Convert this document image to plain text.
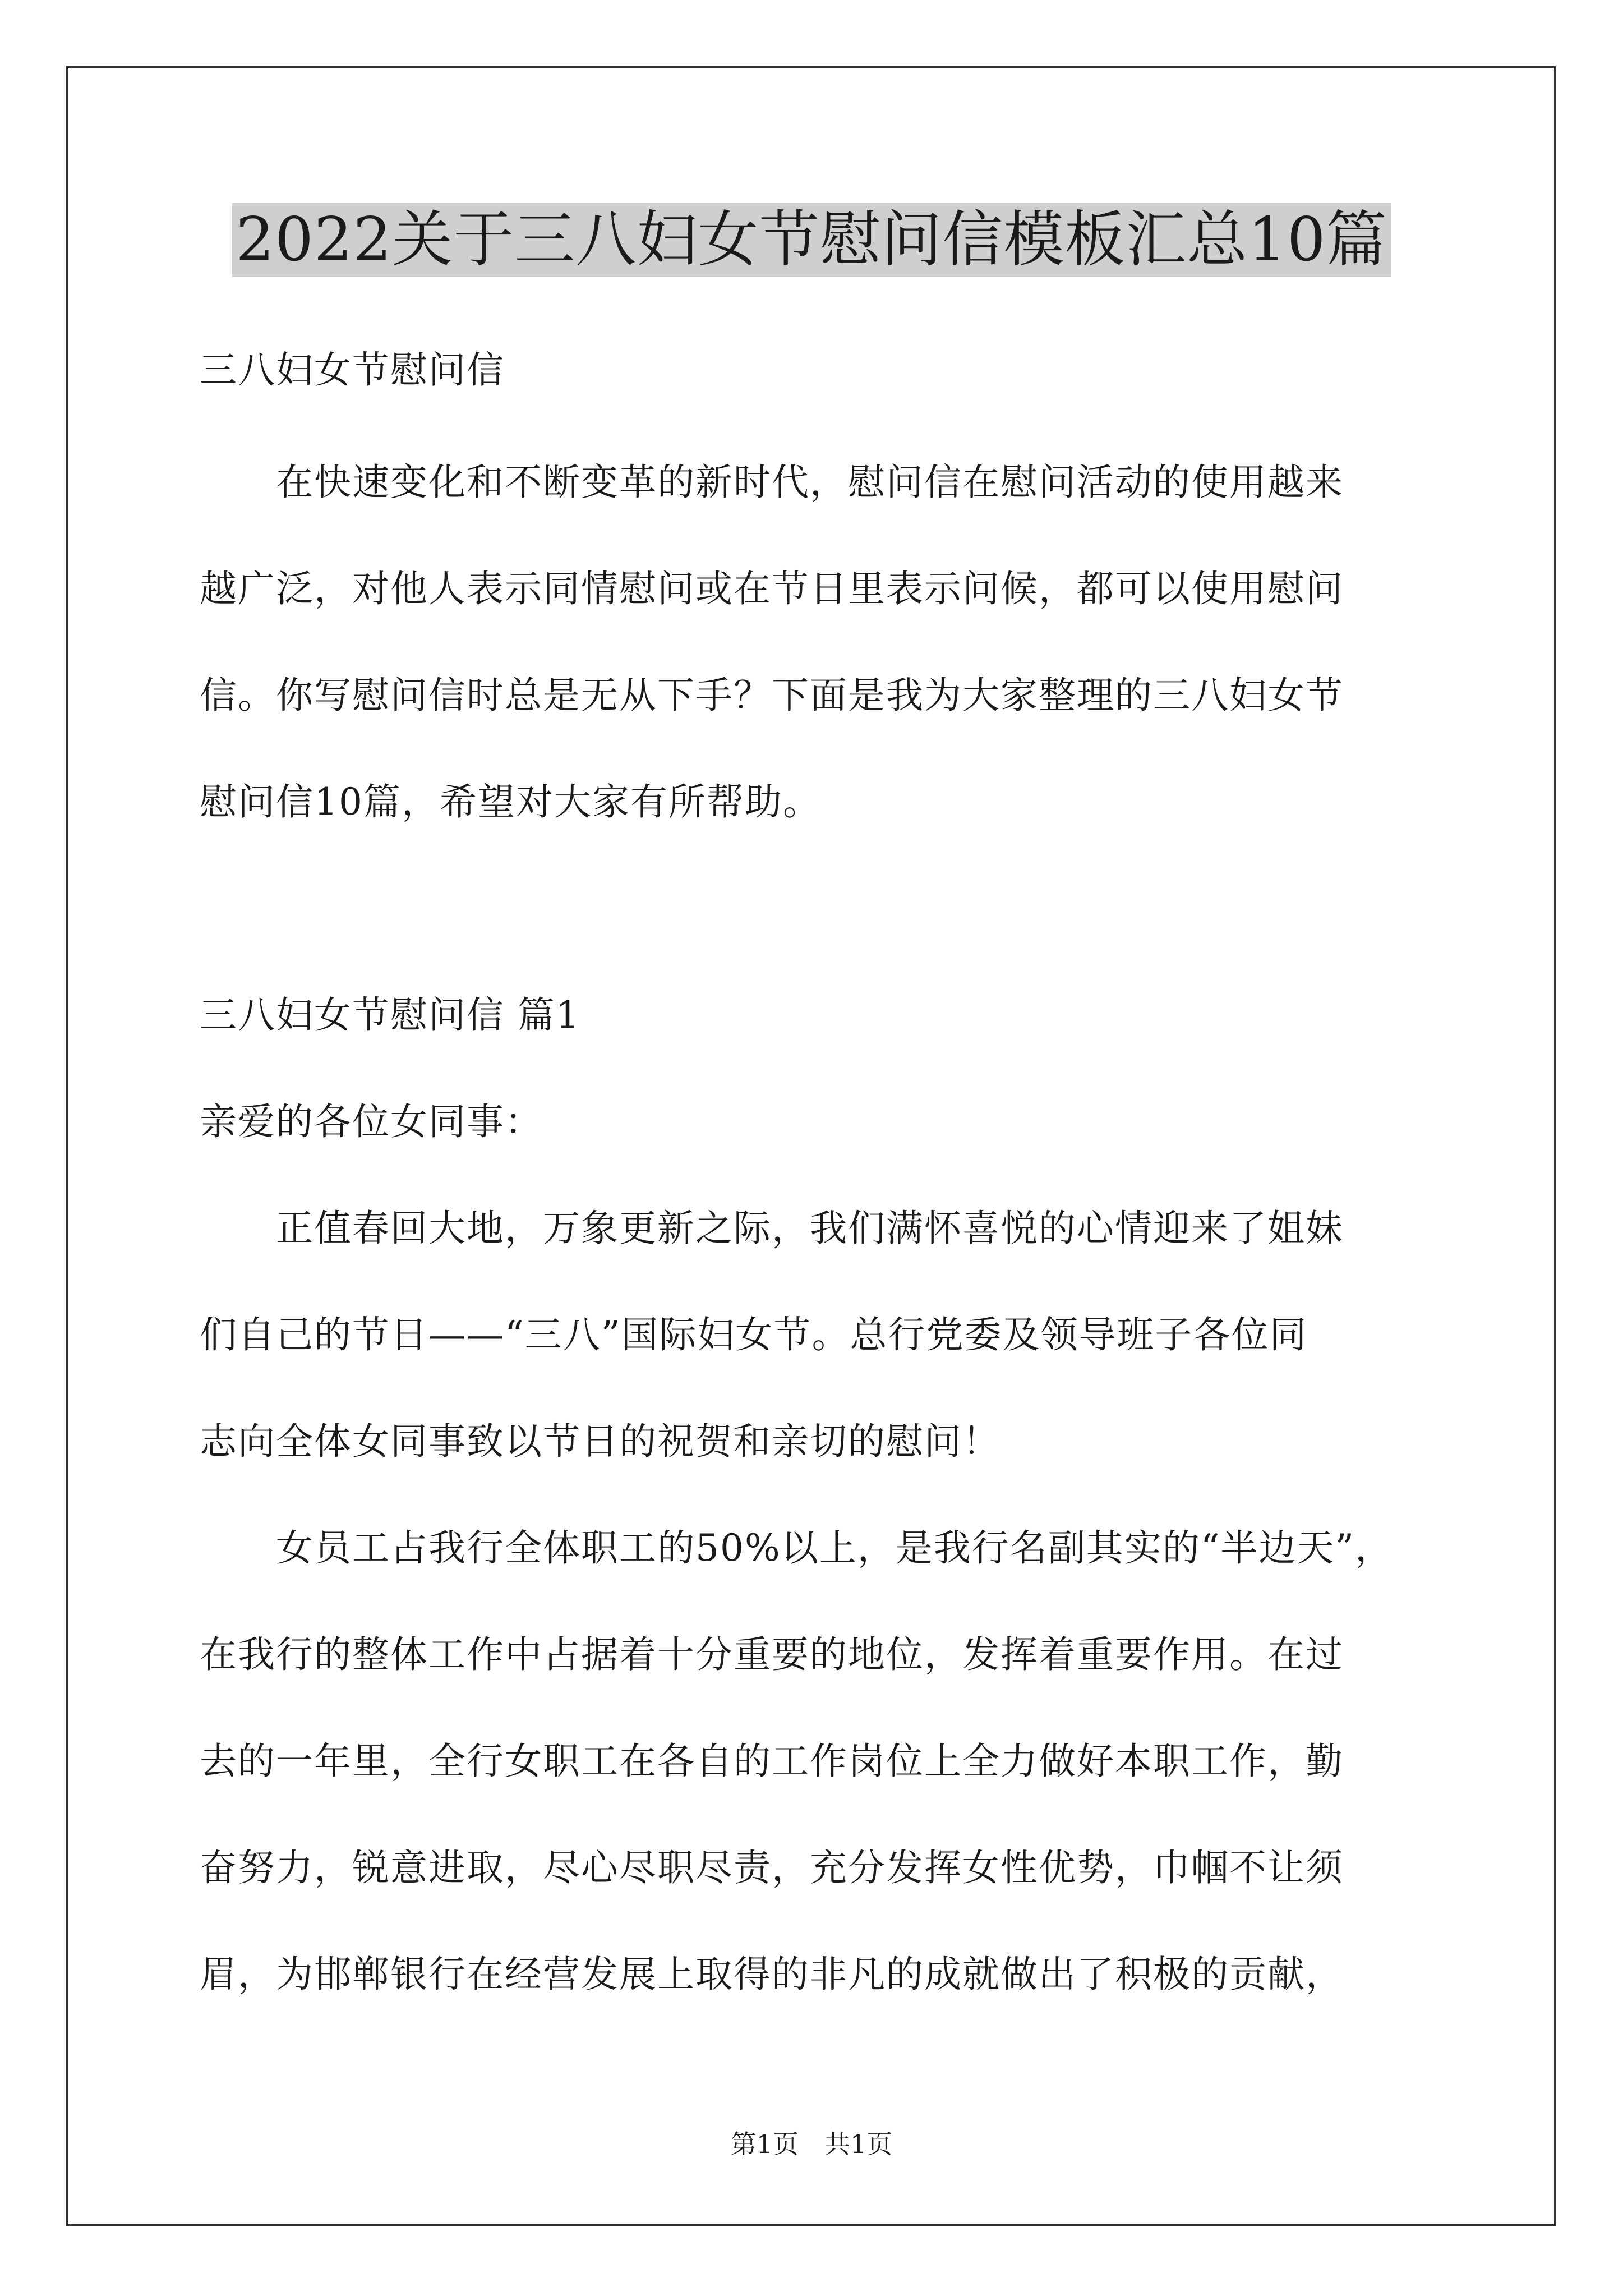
2022关于三八妇女节慰问信模板汇总10篇
三八妇女节慰问信
　　在快速变化和不断变革的新时代，慰问信在慰问活动的使用越来
越广泛，对他人表示同情慰问或在节日里表示问候，都可以使用慰问
信。你写慰问信时总是无从下手？下面是我为大家整理的三八妇女节
慰问信10篇，希望对大家有所帮助。
三八妇女节慰问信 篇1
亲爱的各位女同事：
　　正值春回大地，万象更新之际，我们满怀喜悦的心情迎来了姐妹
们自己的节日——“三八”国际妇女节。总行党委及领导班子各位同
志向全体女同事致以节日的祝贺和亲切的慰问！
　　女员工占我行全体职工的50%以上，是我行名副其实的“半边天”，
在我行的整体工作中占据着十分重要的地位，发挥着重要作用。在过
去的一年里，全行女职工在各自的工作岗位上全力做好本职工作，勤
奋努力，锐意进取，尽心尽职尽责，充分发挥女性优势，巾帼不让须
眉，为邯郸银行在经营发展上取得的非凡的成就做出了积极的贡献，
第1页　共1页
